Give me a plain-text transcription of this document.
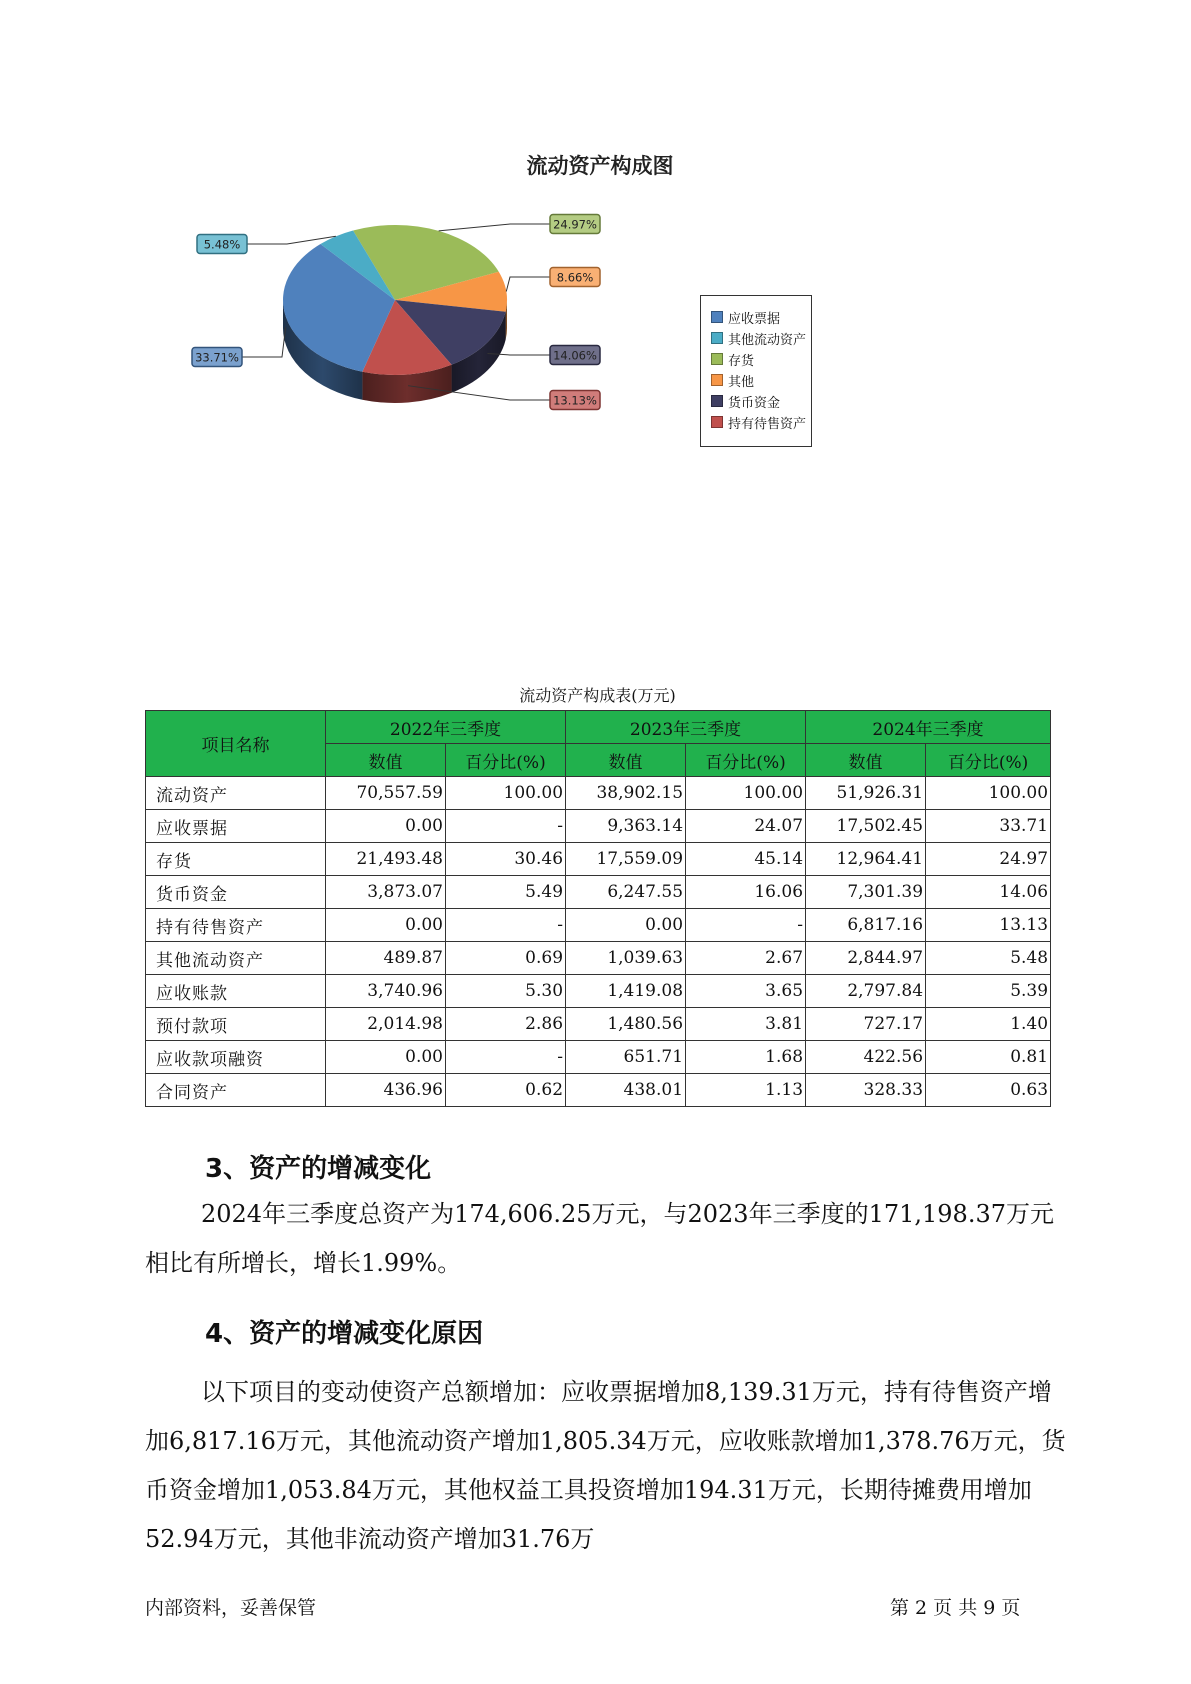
流动资产构成图
24.97%
8.66%
14.06%
13.13%
33.71%
5.48%
应收票据
其他流动资产
存货
其他
货币资金
持有待售资产
流动资产构成表(万元)
项目名称	2022年三季度		2023年三季度		2024年三季度	
	数值	百分比(%)	数值	百分比(%)	数值	百分比(%)
流动资产	70,557.59	100.00	38,902.15	100.00	51,926.31	100.00
应收票据	0.00	-	9,363.14	24.07	17,502.45	33.71
存货	21,493.48	30.46	17,559.09	45.14	12,964.41	24.97
货币资金	3,873.07	5.49	6,247.55	16.06	7,301.39	14.06
持有待售资产	0.00	-	0.00	-	6,817.16	13.13
其他流动资产	489.87	0.69	1,039.63	2.67	2,844.97	5.48
应收账款	3,740.96	5.30	1,419.08	3.65	2,797.84	5.39
预付款项	2,014.98	2.86	1,480.56	3.81	727.17	1.40
应收款项融资	0.00	-	651.71	1.68	422.56	0.81
合同资产	436.96	0.62	438.01	1.13	328.33	0.63
3、资产的增减变化
2024年三季度总资产为174,606.25万元，与2023年三季度的171,198.37万元相比有所增长，增长1.99%。
4、资产的增减变化原因
以下项目的变动使资产总额增加：应收票据增加8,139.31万元，持有待售资产增加6,817.16万元，其他流动资产增加1,805.34万元，应收账款增加1,378.76万元，货币资金增加1,053.84万元，其他权益工具投资增加194.31万元，长期待摊费用增加52.94万元，其他非流动资产增加31.76万
内部资料，妥善保管	第 2 页 共 9 页
